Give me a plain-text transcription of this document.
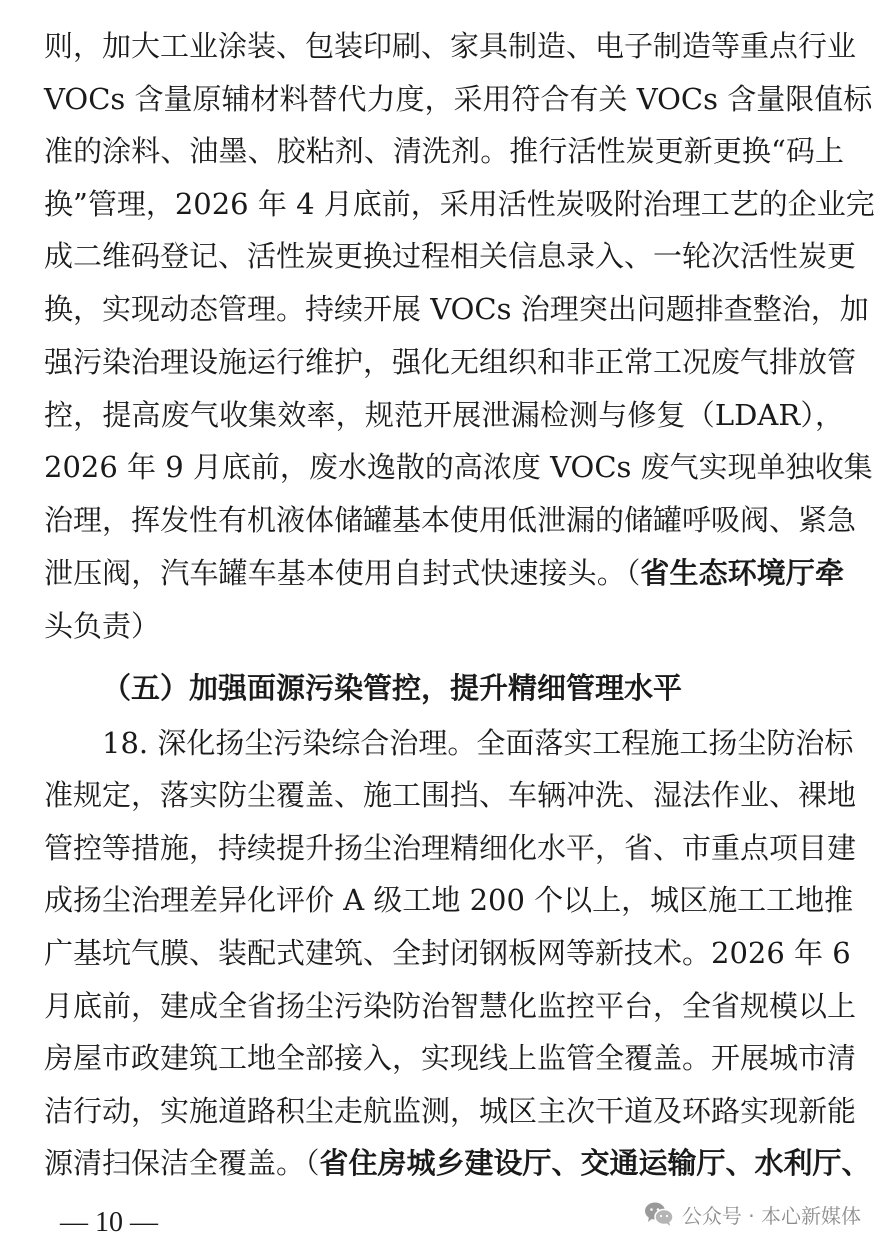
则，加大工业涂装、包装印刷、家具制造、电子制造等重点行业
VOCs 含量原辅材料替代力度，采用符合有关 VOCs 含量限值标
准的涂料、油墨、胶粘剂、清洗剂。推行活性炭更新更换“码上
换”管理，2026 年 4 月底前，采用活性炭吸附治理工艺的企业完
成二维码登记、活性炭更换过程相关信息录入、一轮次活性炭更
换，实现动态管理。持续开展 VOCs 治理突出问题排查整治，加
强污染治理设施运行维护，强化无组织和非正常工况废气排放管
控，提高废气收集效率，规范开展泄漏检测与修复（LDAR），
2026 年 9 月底前，废水逸散的高浓度 VOCs 废气实现单独收集
治理，挥发性有机液体储罐基本使用低泄漏的储罐呼吸阀、紧急
泄压阀，汽车罐车基本使用自封式快速接头。（省生态环境厅牵
头负责）
（五）加强面源污染管控，提升精细管理水平
18. 深化扬尘污染综合治理。全面落实工程施工扬尘防治标
准规定，落实防尘覆盖、施工围挡、车辆冲洗、湿法作业、裸地
管控等措施，持续提升扬尘治理精细化水平，省、市重点项目建
成扬尘治理差异化评价 A 级工地 200 个以上，城区施工工地推
广基坑气膜、装配式建筑、全封闭钢板网等新技术。2026 年 6
月底前，建成全省扬尘污染防治智慧化监控平台，全省规模以上
房屋市政建筑工地全部接入，实现线上监管全覆盖。开展城市清
洁行动，实施道路积尘走航监测，城区主次干道及环路实现新能
源清扫保洁全覆盖。（省住房城乡建设厅、交通运输厅、水利厅、
— 10 —	公众号 · 本心新媒体
